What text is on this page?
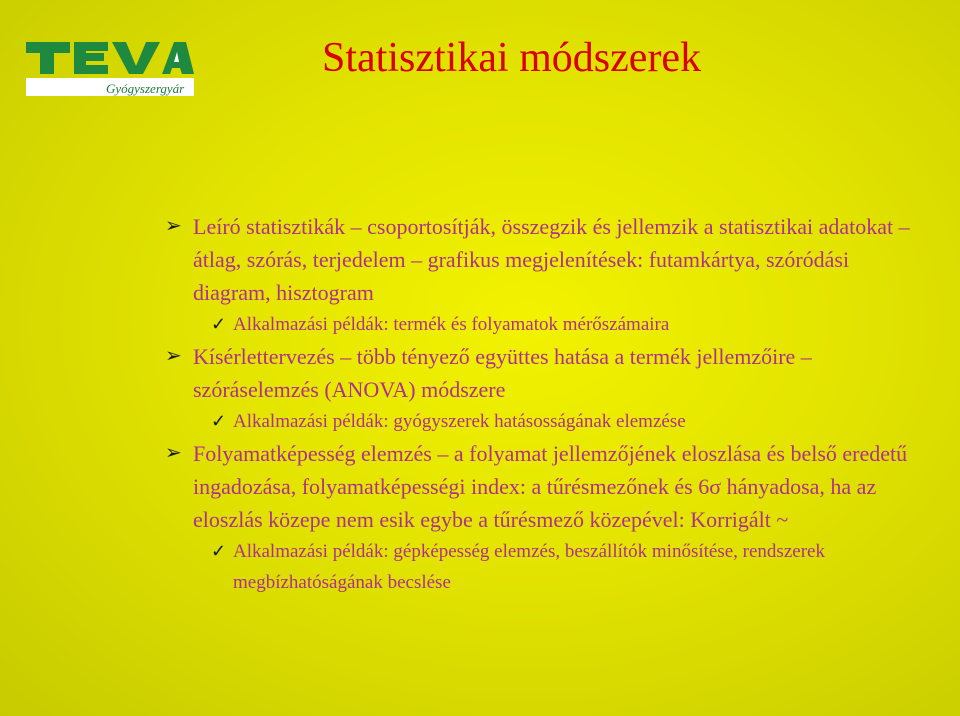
Gyógyszergyár
Statisztikai módszerek

➢ Leíró statisztikák – csoportosítják, összegzik és jellemzik a statisztikai adatokat – átlag, szórás, terjedelem – grafikus megjelenítések: futamkártya, szóródási diagram, hisztogram

✓ Alkalmazási példák: termék és folyamatok mérőszámaira

➢ Kísérlettervezés – több tényező együttes hatása a termék jellemzőire – szóráselemzés (ANOVA) módszere

✓ Alkalmazási példák: gyógyszerek hatásosságának elemzése

➢ Folyamatképesség elemzés – a folyamat jellemzőjének eloszlása és belső eredetű ingadozása, folyamatképességi index: a tűrésmezőnek és 6σ hányadosa, ha az eloszlás közepe nem esik egybe a tűrésmező közepével: Korrigált ~

✓ Alkalmazási példák: gépképesség elemzés, beszállítók minősítése, rendszerek megbízhatóságának becslése
